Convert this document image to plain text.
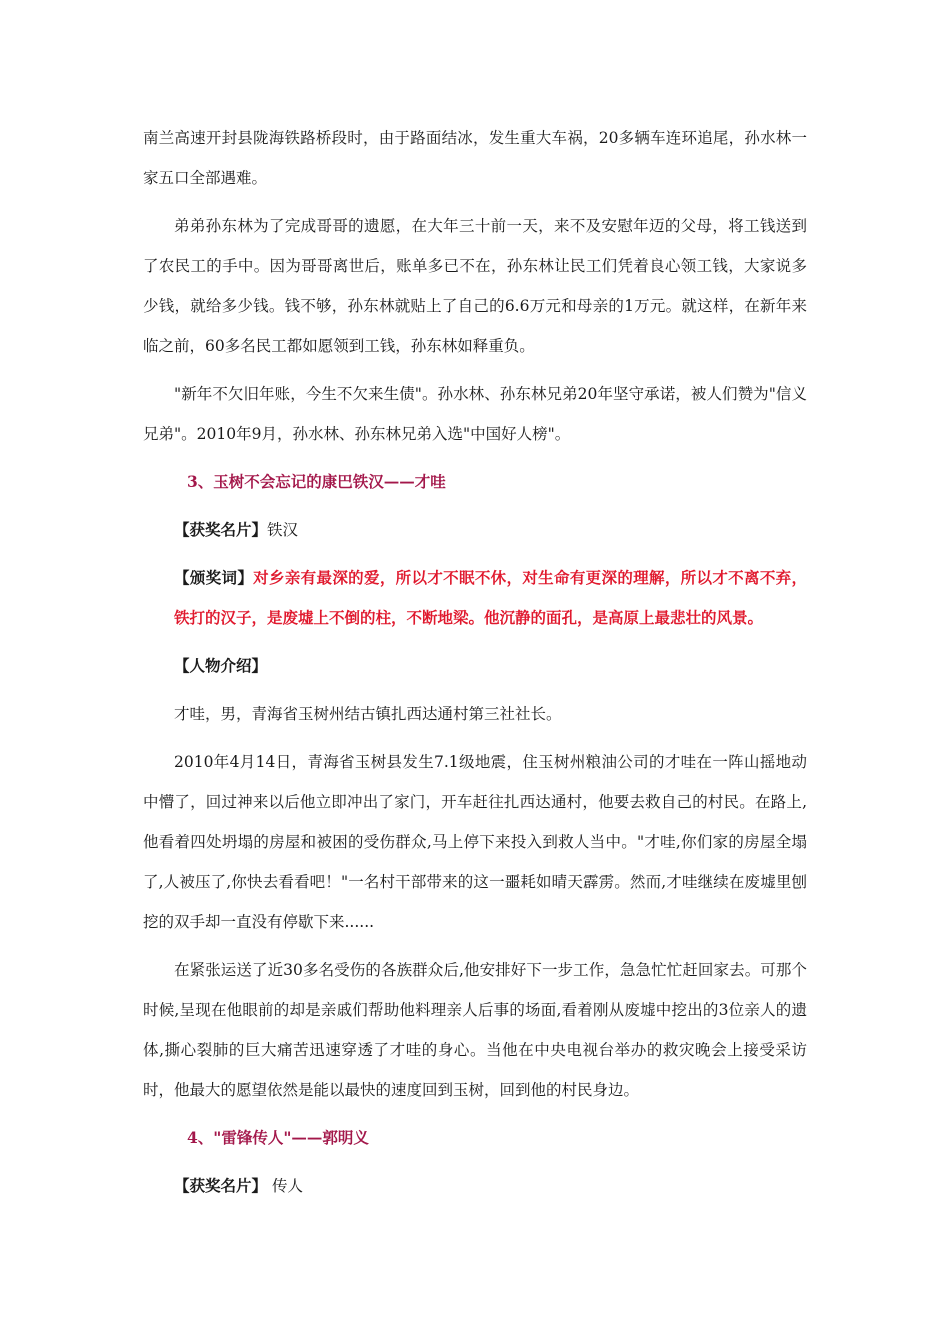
南兰高速开封县陇海铁路桥段时，由于路面结冰，发生重大车祸，20多辆车连环追尾，孙水林一家五口全部遇难。

弟弟孙东林为了完成哥哥的遗愿，在大年三十前一天，来不及安慰年迈的父母，将工钱送到了农民工的手中。因为哥哥离世后，账单多已不在，孙东林让民工们凭着良心领工钱，大家说多少钱，就给多少钱。钱不够，孙东林就贴上了自己的6.6万元和母亲的1万元。就这样，在新年来临之前，60多名民工都如愿领到工钱，孙东林如释重负。

"新年不欠旧年账，今生不欠来生债"。孙水林、孙东林兄弟20年坚守承诺，被人们赞为"信义兄弟"。2010年9月，孙水林、孙东林兄弟入选"中国好人榜"。

3、玉树不会忘记的康巴铁汉——才哇

【获奖名片】铁汉

【颁奖词】对乡亲有最深的爱，所以才不眠不休，对生命有更深的理解，所以才不离不弃，铁打的汉子，是废墟上不倒的柱，不断地梁。他沉静的面孔，是高原上最悲壮的风景。

【人物介绍】

才哇，男，青海省玉树州结古镇扎西达通村第三社社长。

2010年4月14日，青海省玉树县发生7.1级地震，住玉树州粮油公司的才哇在一阵山摇地动中懵了，回过神来以后他立即冲出了家门，开车赶往扎西达通村，他要去救自己的村民。在路上,他看着四处坍塌的房屋和被困的受伤群众,马上停下来投入到救人当中。"才哇,你们家的房屋全塌了,人被压了,你快去看看吧！"一名村干部带来的这一噩耗如晴天霹雳。然而,才哇继续在废墟里刨挖的双手却一直没有停歇下来......

在紧张运送了近30多名受伤的各族群众后,他安排好下一步工作，急急忙忙赶回家去。可那个时候,呈现在他眼前的却是亲戚们帮助他料理亲人后事的场面,看着刚从废墟中挖出的3位亲人的遗体,撕心裂肺的巨大痛苦迅速穿透了才哇的身心。当他在中央电视台举办的救灾晚会上接受采访时，他最大的愿望依然是能以最快的速度回到玉树，回到他的村民身边。

4、"雷锋传人"——郭明义

【获奖名片】 传人
